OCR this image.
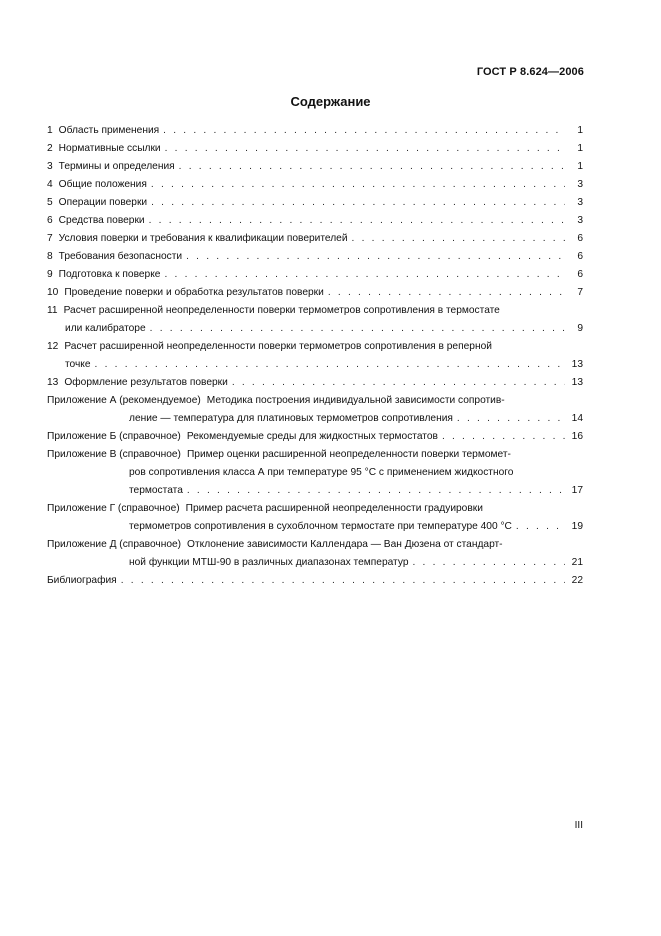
ГОСТ Р 8.624—2006
Содержание
1 Область применения . . .	1
2 Нормативные ссылки . . .	1
3 Термины и определения . . .	1
4 Общие положения . . .	3
5 Операции поверки . . .	3
6 Средства поверки . . .	3
7 Условия поверки и требования к квалификации поверителей . . .	6
8 Требования безопасности . . .	6
9 Подготовка к поверке . . .	6
10 Проведение поверки и обработка результатов поверки . . .	7
11 Расчет расширенной неопределенности поверки термометров сопротивления в термостате
или калибраторе . . .	9
12 Расчет расширенной неопределенности поверки термометров сопротивления в реперной
точке . . .	13
13 Оформление результатов поверки . . .	13
Приложение А (рекомендуемое) Методика построения индивидуальной зависимости сопротив-
ление — температура для платиновых термометров сопротивления . . .	14
Приложение Б (справочное) Рекомендуемые среды для жидкостных термостатов . . .	16
Приложение В (справочное) Пример оценки расширенной неопределенности поверки термомет-
ров сопротивления класса А при температуре 95 °С с применением жидкостного
термостата . . .	17
Приложение Г (справочное) Пример расчета расширенной неопределенности градуировки
термометров сопротивления в сухоблочном термостате при температуре 400 °С . . .	19
Приложение Д (справочное) Отклонение зависимости Каллендара — Ван Дюзена от стандарт-
ной функции МТШ-90 в различных диапазонах температур . . .	21
Библиография . . .	22
III
